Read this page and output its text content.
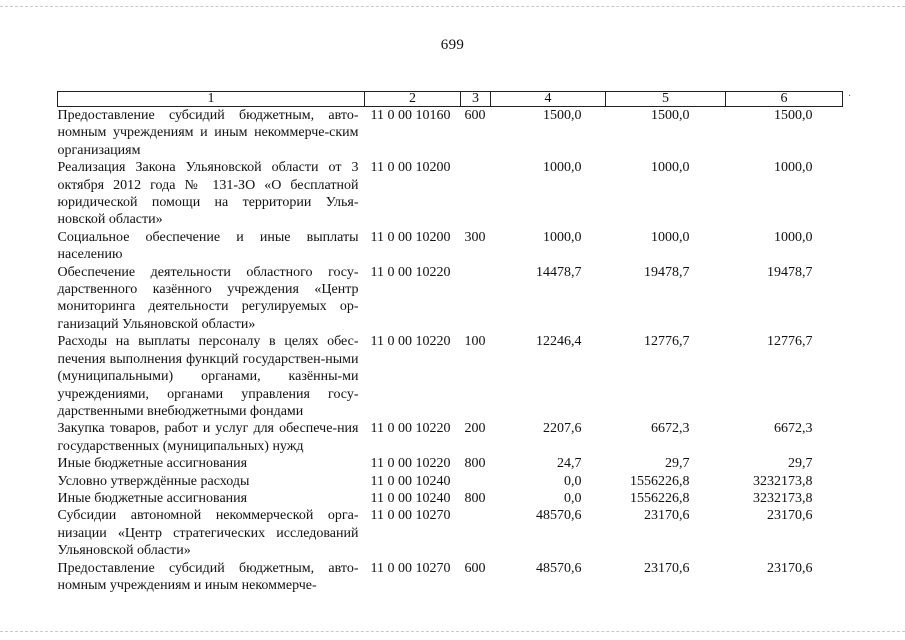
699
·
1	2	3	4	5	6
Предоставление субсидий бюджетным, авто-номным учреждениям и иным некоммерче-ским организациям	11 0 00 10160	600	1500,0	1500,0	1500,0
Реализация Закона Ульяновской области от 3 октября 2012 года № 131-ЗО «О бесплатной юридической помощи на территории Улья-новской области»	11 0 00 10200		1000,0	1000,0	1000,0
Социальное обеспечение и иные выплаты населению	11 0 00 10200	300	1000,0	1000,0	1000,0
Обеспечение деятельности областного госу-дарственного казённого учреждения «Центр мониторинга деятельности регулируемых ор-ганизаций Ульяновской области»	11 0 00 10220		14478,7	19478,7	19478,7
Расходы на выплаты персоналу в целях обес-печения выполнения функций государствен-ными (муниципальными) органами, казённы-ми учреждениями, органами управления госу-дарственными внебюджетными фондами	11 0 00 10220	100	12246,4	12776,7	12776,7
Закупка товаров, работ и услуг для обеспече-ния государственных (муниципальных) нужд	11 0 00 10220	200	2207,6	6672,3	6672,3
Иные бюджетные ассигнования	11 0 00 10220	800	24,7	29,7	29,7
Условно утверждённые расходы	11 0 00 10240		0,0	1556226,8	3232173,8
Иные бюджетные ассигнования	11 0 00 10240	800	0,0	1556226,8	3232173,8
Субсидии автономной некоммерческой орга-низации «Центр стратегических исследований Ульяновской области»	11 0 00 10270		48570,6	23170,6	23170,6
Предоставление субсидий бюджетным, авто-номным учреждениям и иным некоммерче-	11 0 00 10270	600	48570,6	23170,6	23170,6
